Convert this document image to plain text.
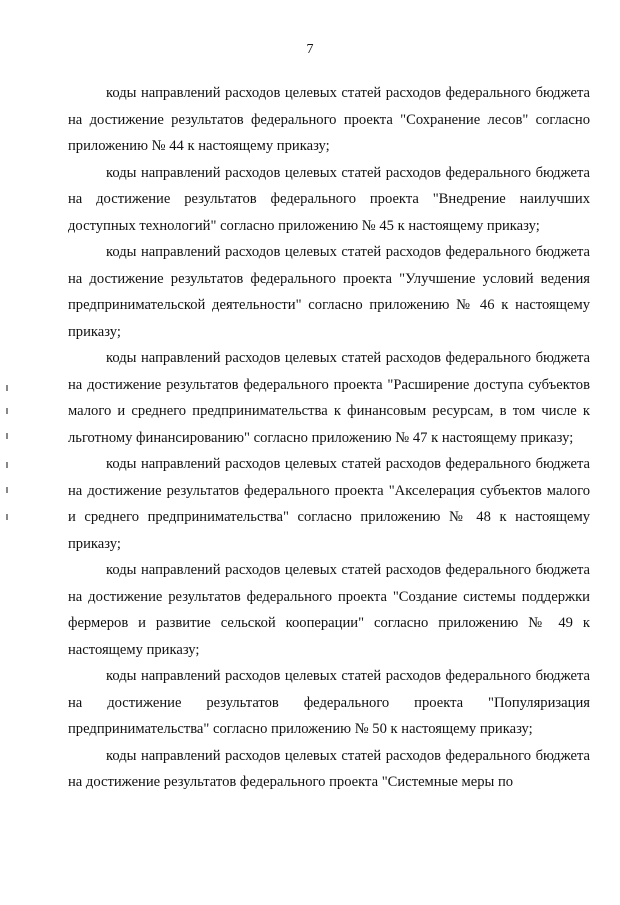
7

коды направлений расходов целевых статей расходов федерального бюджета на достижение результатов федерального проекта "Сохранение лесов" согласно приложению № 44 к настоящему приказу;

коды направлений расходов целевых статей расходов федерального бюджета на достижение результатов федерального проекта "Внедрение наилучших доступных технологий" согласно приложению № 45 к настоящему приказу;

коды направлений расходов целевых статей расходов федерального бюджета на достижение результатов федерального проекта "Улучшение условий ведения предпринимательской деятельности" согласно приложению № 46 к настоящему приказу;

коды направлений расходов целевых статей расходов федерального бюджета на достижение результатов федерального проекта "Расширение доступа субъектов малого и среднего предпринимательства к финансовым ресурсам, в том числе к льготному финансированию" согласно приложению № 47 к настоящему приказу;

коды направлений расходов целевых статей расходов федерального бюджета на достижение результатов федерального проекта "Акселерация субъектов малого и среднего предпринимательства" согласно приложению № 48 к настоящему приказу;

коды направлений расходов целевых статей расходов федерального бюджета на достижение результатов федерального проекта "Создание системы поддержки фермеров и развитие сельской кооперации" согласно приложению № 49 к настоящему приказу;

коды направлений расходов целевых статей расходов федерального бюджета на достижение результатов федерального проекта "Популяризация предпринимательства" согласно приложению № 50 к настоящему приказу;

коды направлений расходов целевых статей расходов федерального бюджета на достижение результатов федерального проекта "Системные меры по
